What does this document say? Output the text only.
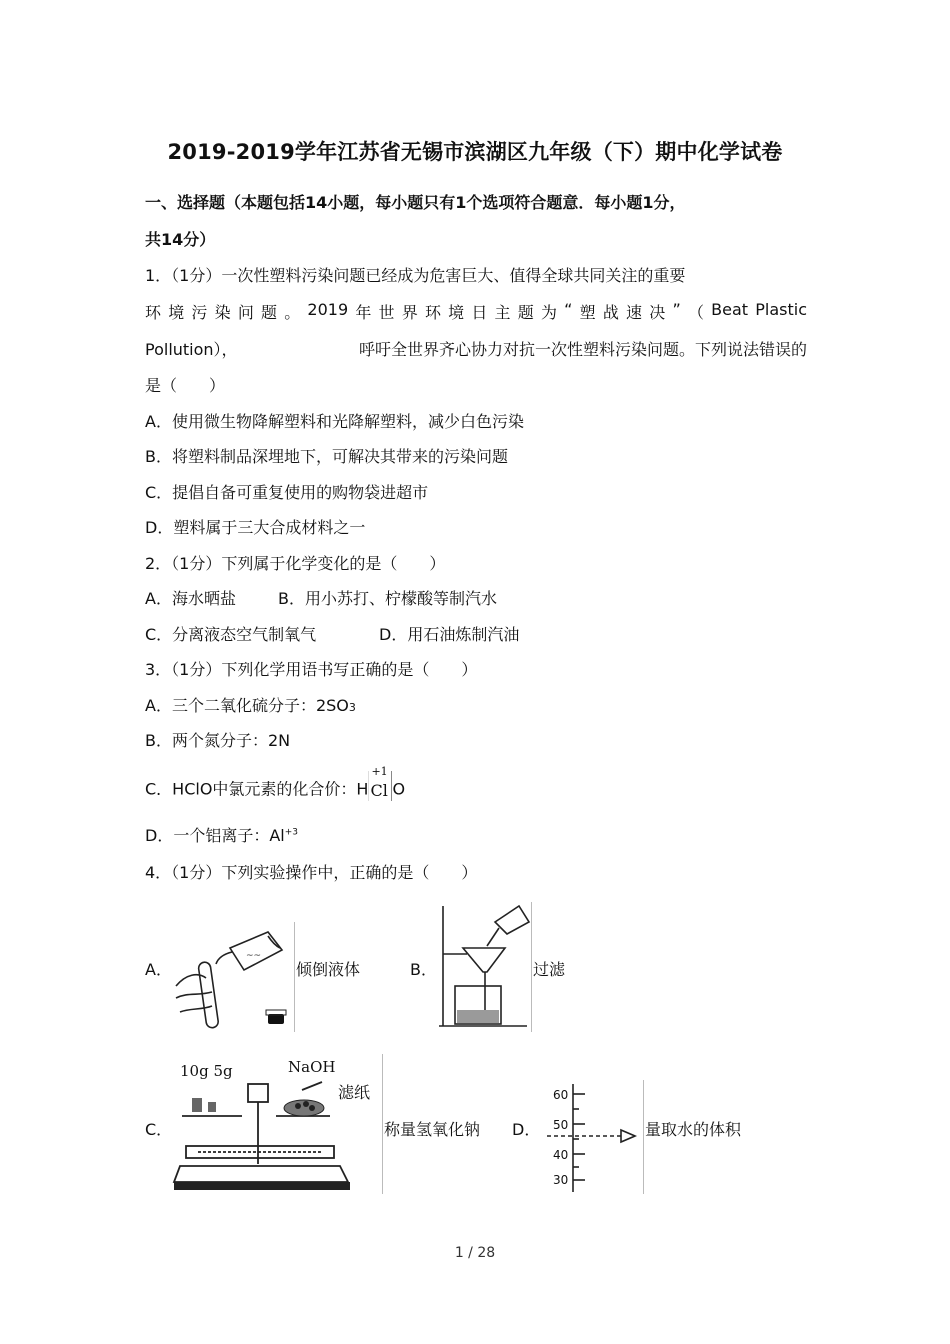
2019-2019学年江苏省无锡市滨湖区九年级（下）期中化学试卷
一、选择题（本题包括14小题，每小题只有1个选项符合题意．每小题1分，
共14分）
1．（1分）一次性塑料污染问题已经成为危害巨大、值得全球共同关注的重要
环 境 污 染 问 题 。 2019 年 世 界 环 境 日 主 题 为 “ 塑 战 速 决 ” （ Beat Plastic
Pollution），	呼吁全世界齐心协力对抗一次性塑料污染问题。下列说法错误的
是（　　）
A．使用微生物降解塑料和光降解塑料，减少白色污染
B．将塑料制品深埋地下，可解决其带来的污染问题
C．提倡自备可重复使用的购物袋进超市
D．塑料属于三大合成材料之一
2．（1分）下列属于化学变化的是（　　）
A．海水晒盐	B．用小苏打、柠檬酸等制汽水
C．分离液态空气制氧气	D．用石油炼制汽油
3．（1分）下列化学用语书写正确的是（　　）
A．三个二氧化硫分子：2SO3
B．两个氮分子：2N
C．HClO中氯元素的化合价：H
+1
Cl O
D．一个铝离子：$Al^{+3}$
4．（1分）下列实验操作中，正确的是（　　）
A．
~~
倾倒液体	B．	过滤
C．
10g 5g	NaOH
滤纸
称量氢氧化钠 D．
60
50
40
30
量取水的体积
1 / 28
